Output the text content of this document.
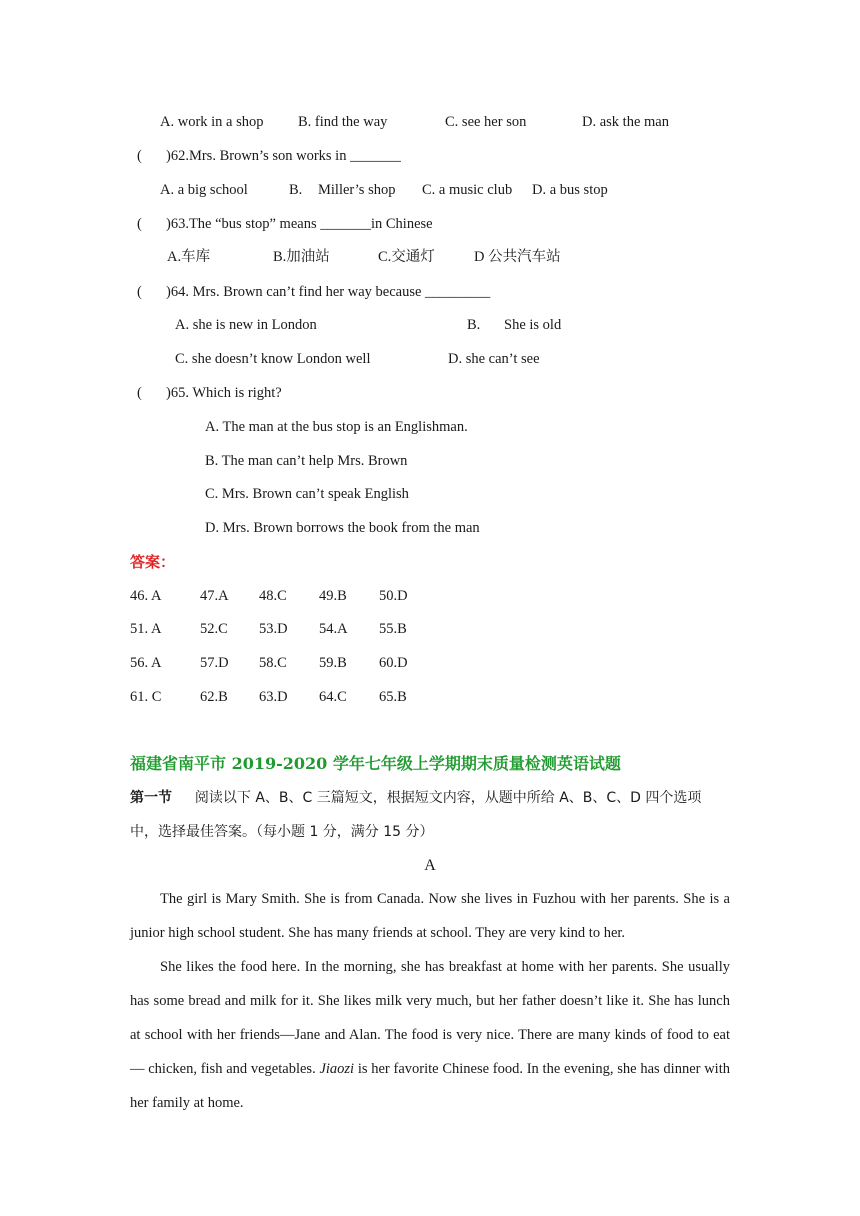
A. work in a shop B. find the way	C. see her son	D. ask the man
( )62.Mrs. Brown’s son works in _______
A. a big school	B. Miller’s shop C. a music club D. a bus stop
( )63.The “bus stop” means _______in Chinese
A.车库	B.加油站	C.交通灯	D 公共汽车站
( )64. Mrs. Brown can’t find her way because _________
A. she is new in London	B. She is old
C. she doesn’t know London well	D. she can’t see
( )65. Which is right?
A. The man at the bus stop is an Englishman.
B. The man can’t help Mrs. Brown
C. Mrs. Brown can’t speak English
D. Mrs. Brown borrows the book from the man
答案：
46. A	47.A 48.C 49.B 50.D
51. A	52.C 53.D 54.A 55.B
56. A	57.D 58.C 59.B 60.D
61. C	62.B 63.D 64.C 65.B
福建省南平市 2019-2020 学年七年级上学期期末质量检测英语试题
第一节 阅读以下 A、B、C 三篇短文，根据短文内容，从题中所给 A、B、C、D 四个选项
中，选择最佳答案。（每小题 1 分，满分 15 分）
A

The girl is Mary Smith. She is from Canada. Now she lives in Fuzhou with her parents. She is a junior high school student. She has many friends at school. They are very kind to her.

She likes the food here. In the morning, she has breakfast at home with her parents. She usually has some bread and milk for it. She likes milk very much, but her father doesn’t like it. She has lunch at school with her friends—Jane and Alan. The food is very nice. There are many kinds of food to eat— chicken, fish and vegetables. Jiaozi is her favorite Chinese food. In the evening, she has dinner with her family at home.
